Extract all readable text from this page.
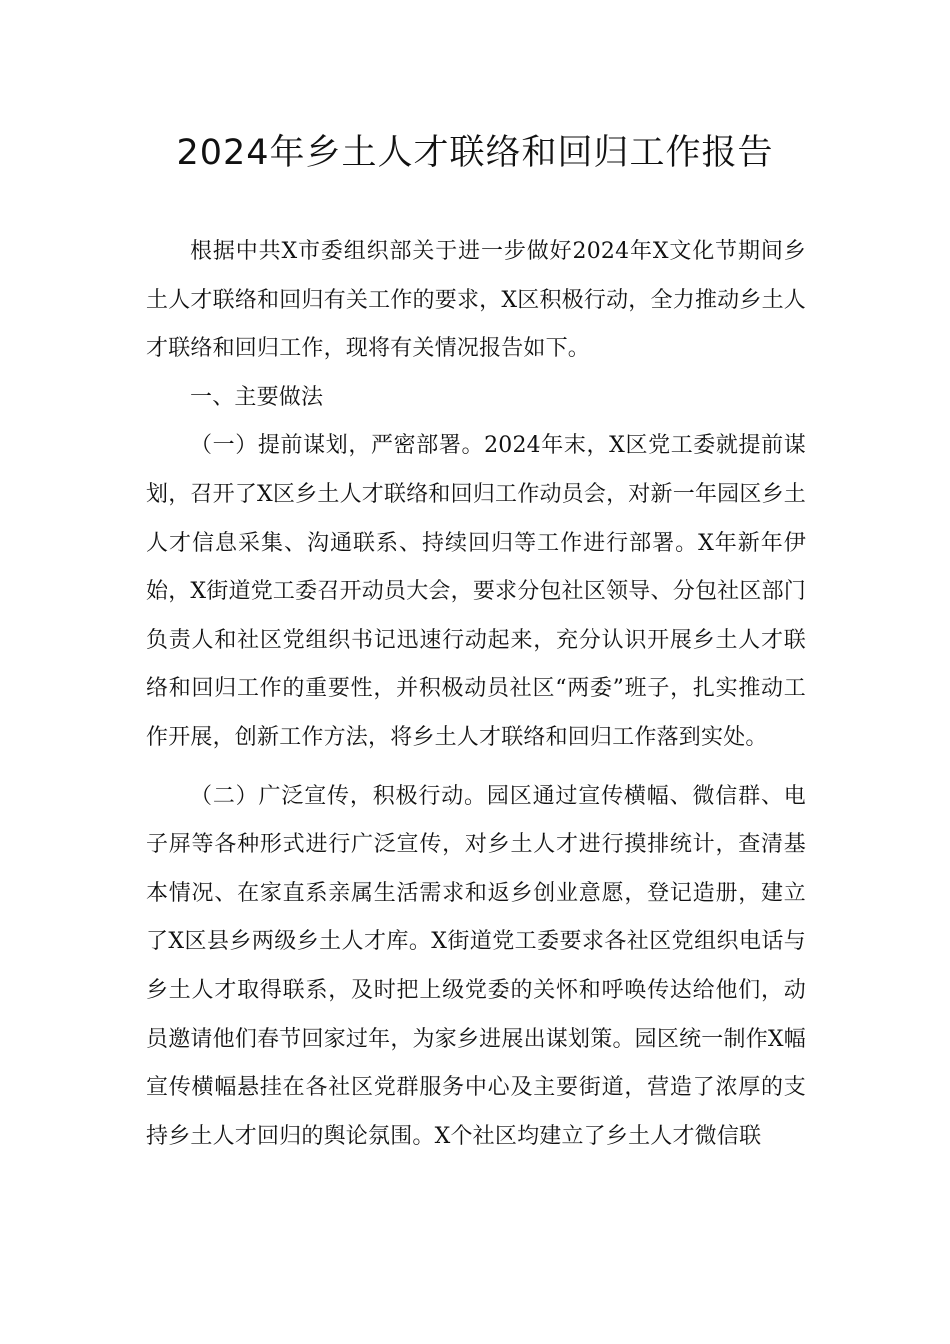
2024年乡土人才联络和回归工作报告

根据中共X市委组织部关于进一步做好2024年X文化节期间乡土人才联络和回归有关工作的要求，X区积极行动，全力推动乡土人才联络和回归工作，现将有关情况报告如下。

一、主要做法

（一）提前谋划，严密部署。2024年末，X区党工委就提前谋划，召开了X区乡土人才联络和回归工作动员会，对新一年园区乡土人才信息采集、沟通联系、持续回归等工作进行部署。X年新年伊始，X街道党工委召开动员大会，要求分包社区领导、分包社区部门负责人和社区党组织书记迅速行动起来，充分认识开展乡土人才联络和回归工作的重要性，并积极动员社区“两委”班子，扎实推动工作开展，创新工作方法，将乡土人才联络和回归工作落到实处。

（二）广泛宣传，积极行动。园区通过宣传横幅、微信群、电子屏等各种形式进行广泛宣传，对乡土人才进行摸排统计，查清基本情况、在家直系亲属生活需求和返乡创业意愿，登记造册，建立了X区县乡两级乡土人才库。X街道党工委要求各社区党组织电话与乡土人才取得联系，及时把上级党委的关怀和呼唤传达给他们，动员邀请他们春节回家过年，为家乡进展出谋划策。园区统一制作X幅宣传横幅悬挂在各社区党群服务中心及主要街道，营造了浓厚的支持乡土人才回归的舆论氛围。X个社区均建立了乡土人才微信联
